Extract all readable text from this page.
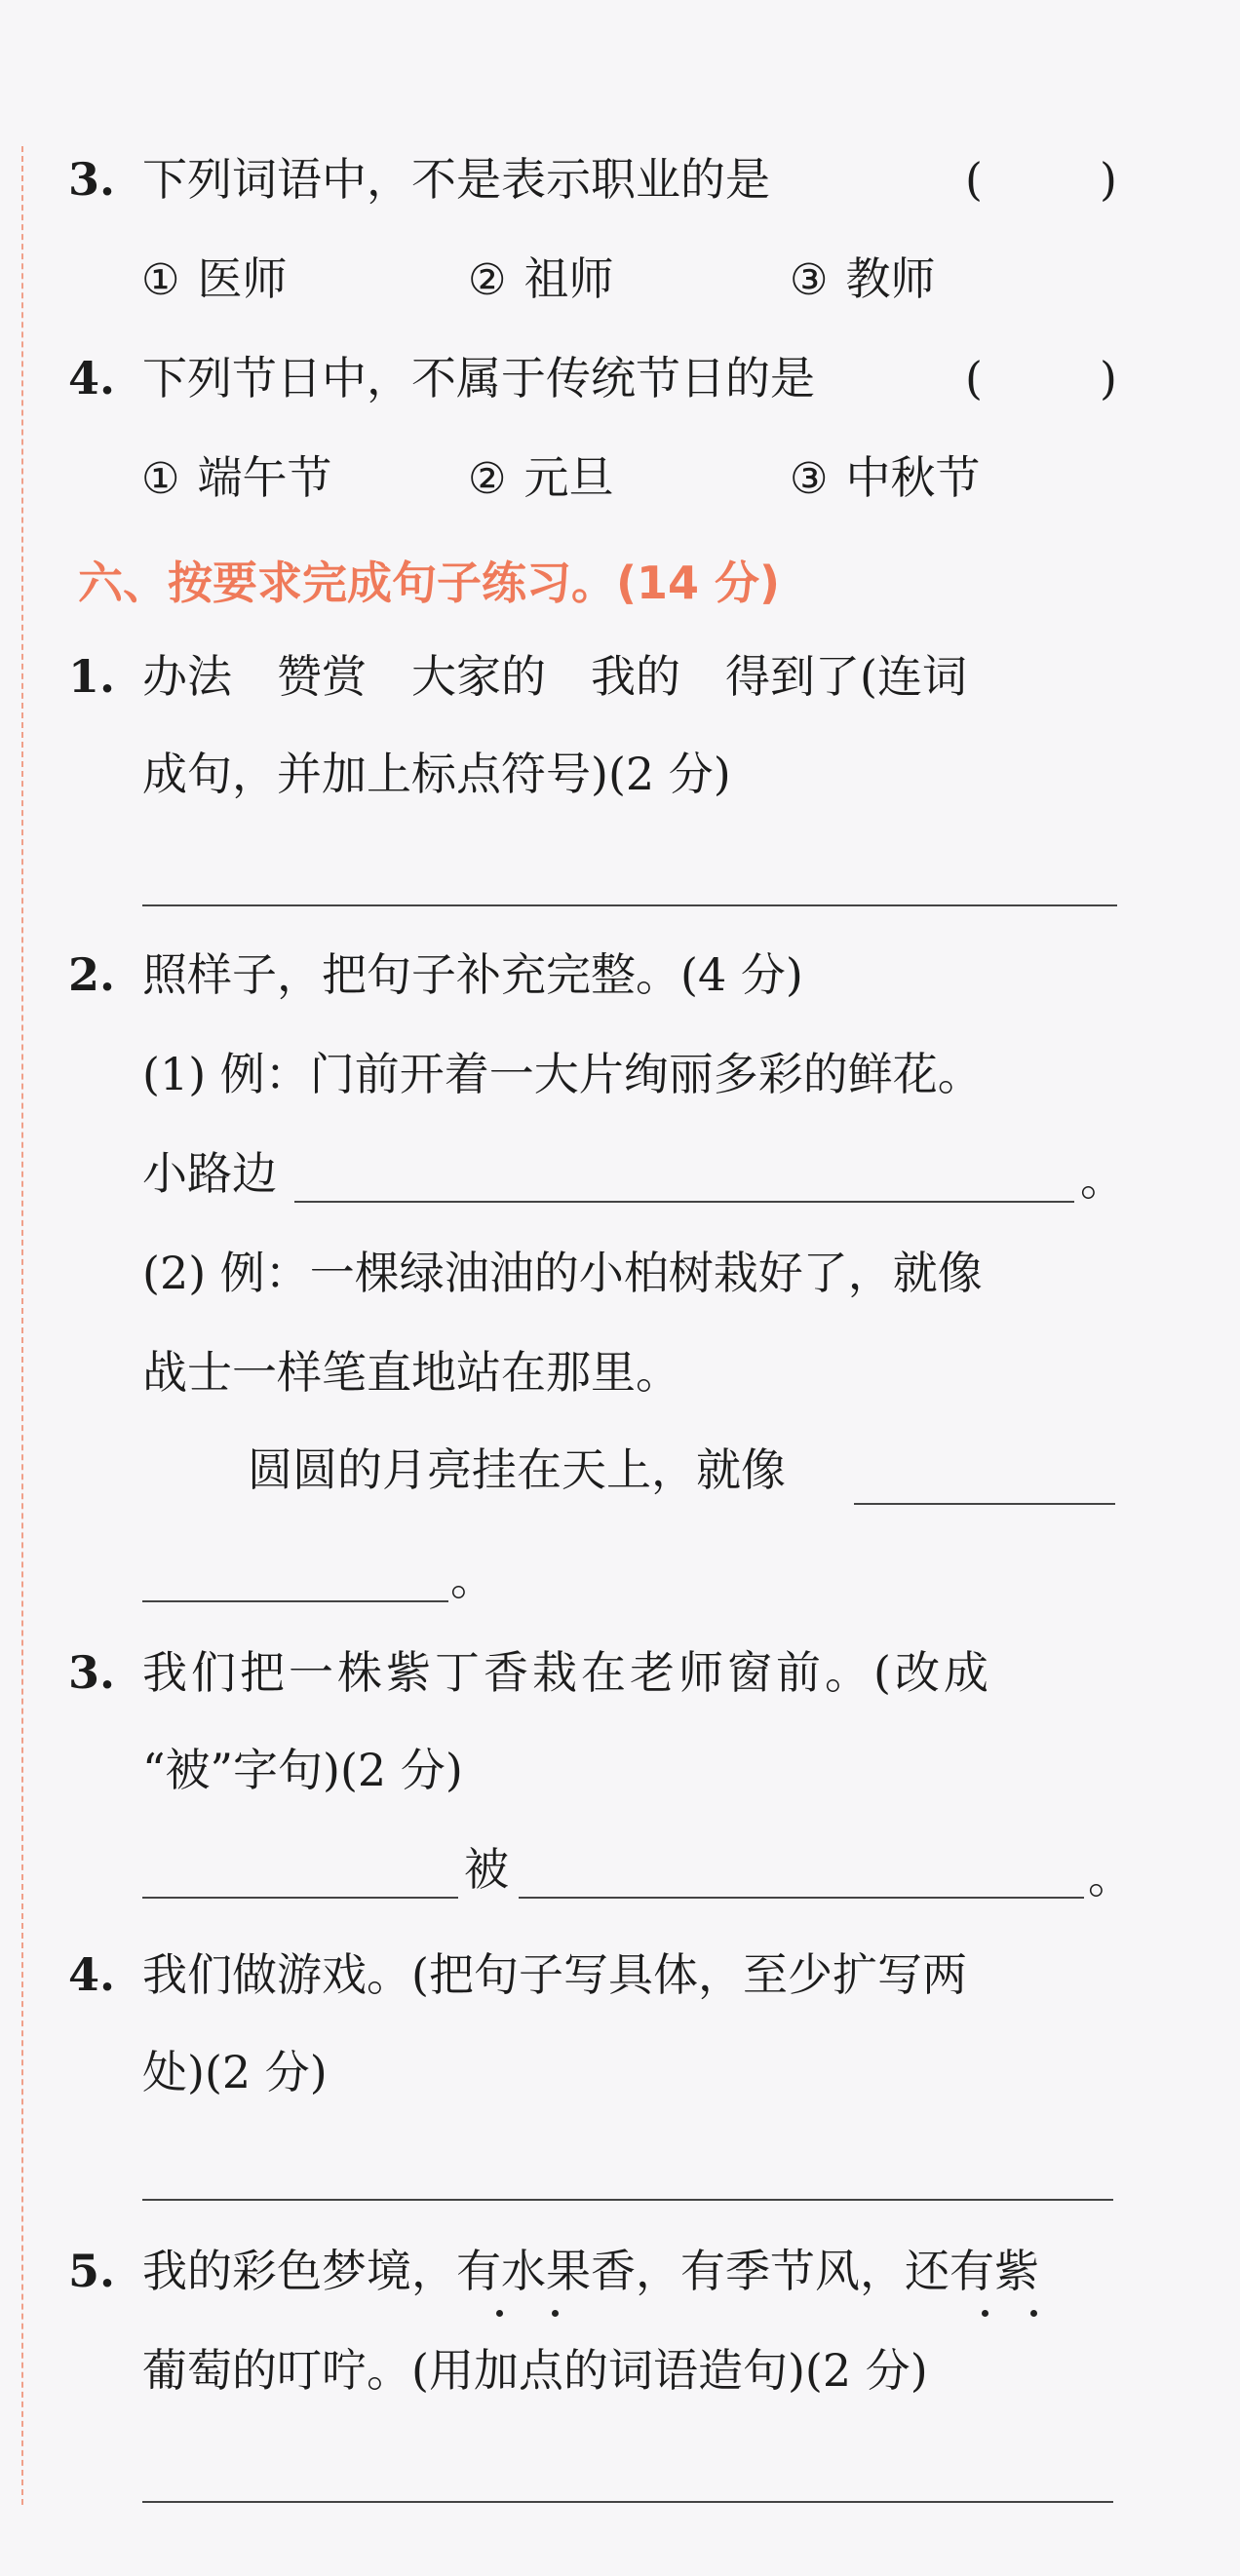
3. 下列词语中，不是表示职业的是	(	)
① 医师	② 祖师	③ 教师
4. 下列节日中，不属于传统节日的是	(	)
① 端午节	② 元旦	③ 中秋节
六、按要求完成句子练习。(14 分)
1. 办法　赞赏　大家的　我的　得到了(连词
成句，并加上标点符号)(2 分)
2. 照样子，把句子补充完整。(4 分)
(1) 例：门前开着一大片绚丽多彩的鲜花。
小路边	。
(2) 例：一棵绿油油的小柏树栽好了，就像
战士一样笔直地站在那里。
圆圆的月亮挂在天上，就像
。
3. 我们把一株紫丁香栽在老师窗前。(改成
“被”字句)(2 分)
被	。
4. 我们做游戏。(把句子写具体，至少扩写两
处)(2 分)
5. 我的彩色梦境，有水果香，有季节风，还有紫
葡萄的叮咛。(用加点的词语造句)(2 分)
